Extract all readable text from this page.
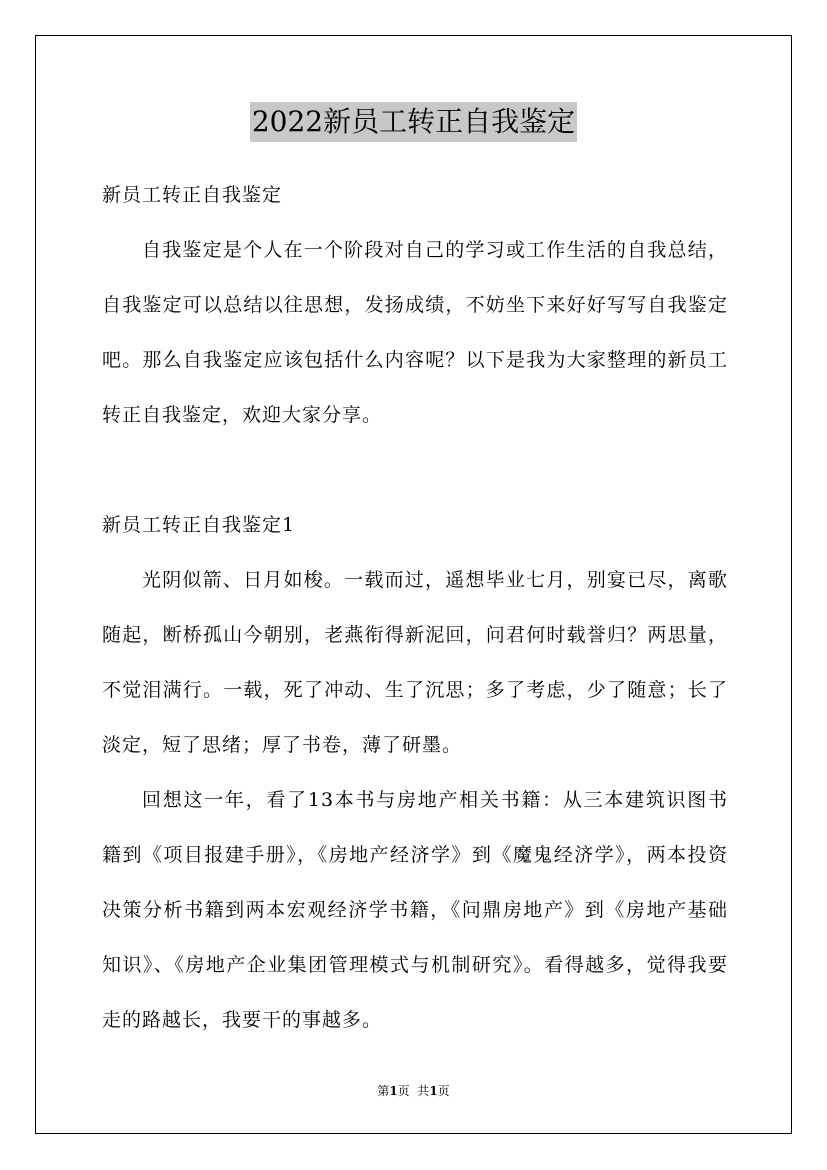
2022新员工转正自我鉴定

新员工转正自我鉴定

自我鉴定是个人在一个阶段对自己的学习或工作生活的自我总结，自我鉴定可以总结以往思想，发扬成绩，不妨坐下来好好写写自我鉴定吧。那么自我鉴定应该包括什么内容呢？以下是我为大家整理的新员工转正自我鉴定，欢迎大家分享。

新员工转正自我鉴定1

光阴似箭、日月如梭。一载而过，遥想毕业七月，别宴已尽，离歌随起，断桥孤山今朝别，老燕衔得新泥回，问君何时载誉归？两思量，不觉泪满行。一载，死了冲动、生了沉思；多了考虑，少了随意；长了淡定，短了思绪；厚了书卷，薄了研墨。

回想这一年，看了13本书与房地产相关书籍：从三本建筑识图书籍到《项目报建手册》，《房地产经济学》到《魔鬼经济学》，两本投资决策分析书籍到两本宏观经济学书籍，《问鼎房地产》到《房地产基础知识》、《房地产企业集团管理模式与机制研究》。看得越多，觉得我要走的路越长，我要干的事越多。

第1页  共1页
